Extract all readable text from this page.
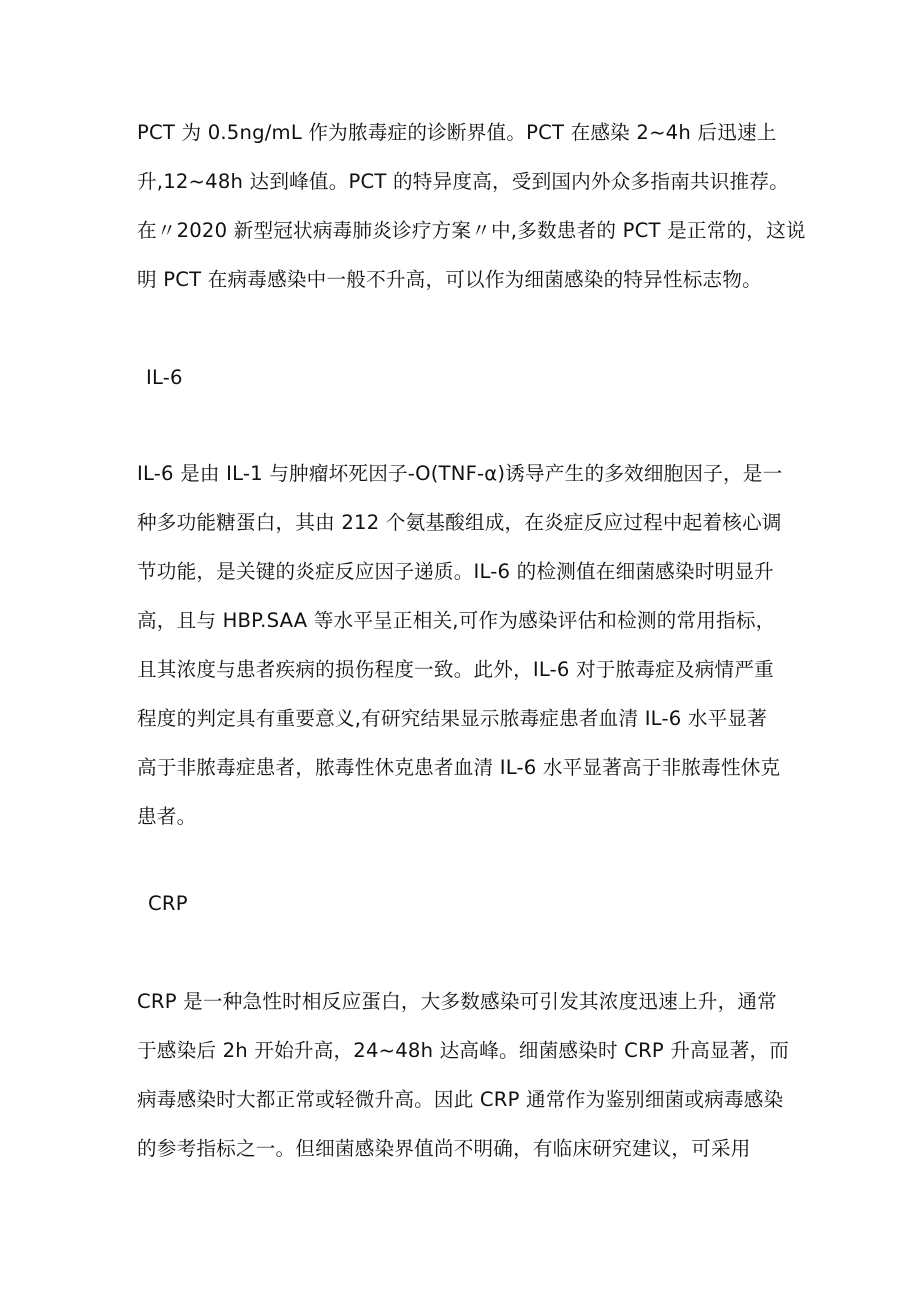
PCT 为 0.5ng/mL 作为脓毒症的诊断界值。PCT 在感染 2~4h 后迅速上
升,12~48h 达到峰值。PCT 的特异度高，受到国内外众多指南共识推荐。
在〃2020 新型冠状病毒肺炎诊疗方案〃中,多数患者的 PCT 是正常的，这说
明 PCT 在病毒感染中一般不升高，可以作为细菌感染的特异性标志物。
IL-6
IL-6 是由 IL-1 与肿瘤坏死因子-O(TNF-α)诱导产生的多效细胞因子，是一
种多功能糖蛋白，其由 212 个氨基酸组成，在炎症反应过程中起着核心调
节功能，是关键的炎症反应因子递质。IL-6 的检测值在细菌感染时明显升
高，且与 HBP.SAA 等水平呈正相关,可作为感染评估和检测的常用指标，
且其浓度与患者疾病的损伤程度一致。此外，IL-6 对于脓毒症及病情严重
程度的判定具有重要意义,有研究结果显示脓毒症患者血清 IL-6 水平显著
高于非脓毒症患者，脓毒性休克患者血清 IL-6 水平显著高于非脓毒性休克
患者。
CRP
CRP 是一种急性时相反应蛋白，大多数感染可引发其浓度迅速上升，通常
于感染后 2h 开始升高，24~48h 达高峰。细菌感染时 CRP 升高显著，而
病毒感染时大都正常或轻微升高。因此 CRP 通常作为鉴别细菌或病毒感染
的参考指标之一。但细菌感染界值尚不明确，有临床研究建议，可采用
